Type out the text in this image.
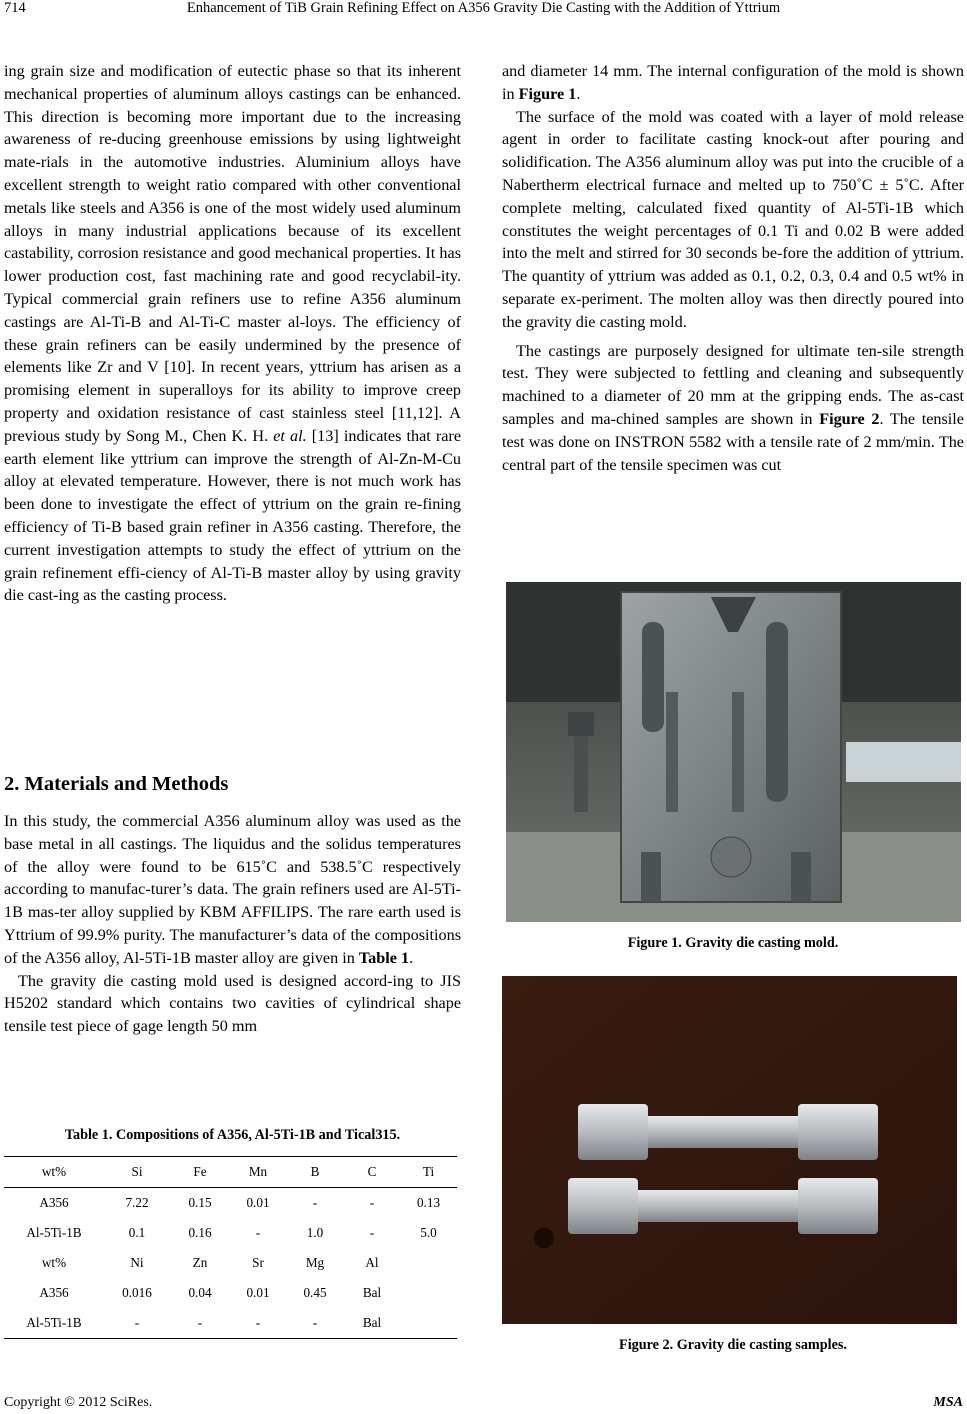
714	Enhancement of TiB Grain Refining Effect on A356 Gravity Die Casting with the Addition of Yttrium

ing grain size and modification of eutectic phase so that its inherent mechanical properties of aluminum alloys castings can be enhanced. This direction is becoming more important due to the increasing awareness of re-ducing greenhouse emissions by using lightweight mate-rials in the automotive industries. Aluminium alloys have excellent strength to weight ratio compared with other conventional metals like steels and A356 is one of the most widely used aluminum alloys in many industrial applications because of its excellent castability, corrosion resistance and good mechanical properties. It has lower production cost, fast machining rate and good recyclabil-ity. Typical commercial grain refiners use to refine A356 aluminum castings are Al-Ti-B and Al-Ti-C master al-loys. The efficiency of these grain refiners can be easily undermined by the presence of elements like Zr and V [10]. In recent years, yttrium has arisen as a promising element in superalloys for its ability to improve creep property and oxidation resistance of cast stainless steel [11,12]. A previous study by Song M., Chen K. H. et al. [13] indicates that rare earth element like yttrium can improve the strength of Al-Zn-M-Cu alloy at elevated temperature. However, there is not much work has been done to investigate the effect of yttrium on the grain re-fining efficiency of Ti-B based grain refiner in A356 casting. Therefore, the current investigation attempts to study the effect of yttrium on the grain refinement effi-ciency of Al-Ti-B master alloy by using gravity die cast-ing as the casting process.

2. Materials and Methods

In this study, the commercial A356 aluminum alloy was used as the base metal in all castings. The liquidus and the solidus temperatures of the alloy were found to be 615˚C and 538.5˚C respectively according to manufac-turer’s data. The grain refiners used are Al-5Ti-1B mas-ter alloy supplied by KBM AFFILIPS. The rare earth used is Yttrium of 99.9% purity. The manufacturer’s data of the compositions of the A356 alloy, Al-5Ti-1B master alloy are given in Table 1.

The gravity die casting mold used is designed accord-ing to JIS H5202 standard which contains two cavities of cylindrical shape tensile test piece of gage length 50 mm

Table 1. Compositions of A356, Al-5Ti-1B and Tical315.
wt%	Si	Fe	Mn	B	C	Ti
A356	7.22	0.15	0.01	-	-	0.13
Al-5Ti-1B	0.1	0.16	-	1.0	-	5.0
wt%	Ni	Zn	Sr	Mg	Al	
A356	0.016	0.04	0.01	0.45	Bal	
Al-5Ti-1B	-	-	-	-	Bal	

and diameter 14 mm. The internal configuration of the mold is shown in Figure 1.

The surface of the mold was coated with a layer of mold release agent in order to facilitate casting knock-out after pouring and solidification. The A356 aluminum alloy was put into the crucible of a Nabertherm electrical furnace and melted up to 750˚C ± 5˚C. After complete melting, calculated fixed quantity of Al-5Ti-1B which constitutes the weight percentages of 0.1 Ti and 0.02 B were added into the melt and stirred for 30 seconds be-fore the addition of yttrium. The quantity of yttrium was added as 0.1, 0.2, 0.3, 0.4 and 0.5 wt% in separate ex-periment. The molten alloy was then directly poured into the gravity die casting mold.

The castings are purposely designed for ultimate ten-sile strength test. They were subjected to fettling and cleaning and subsequently machined to a diameter of 20 mm at the gripping ends. The as-cast samples and ma-chined samples are shown in Figure 2. The tensile test was done on INSTRON 5582 with a tensile rate of 2 mm/min. The central part of the tensile specimen was cut

Figure 1. Gravity die casting mold.
Figure 2. Gravity die casting samples.
Copyright © 2012 SciRes.	MSA
